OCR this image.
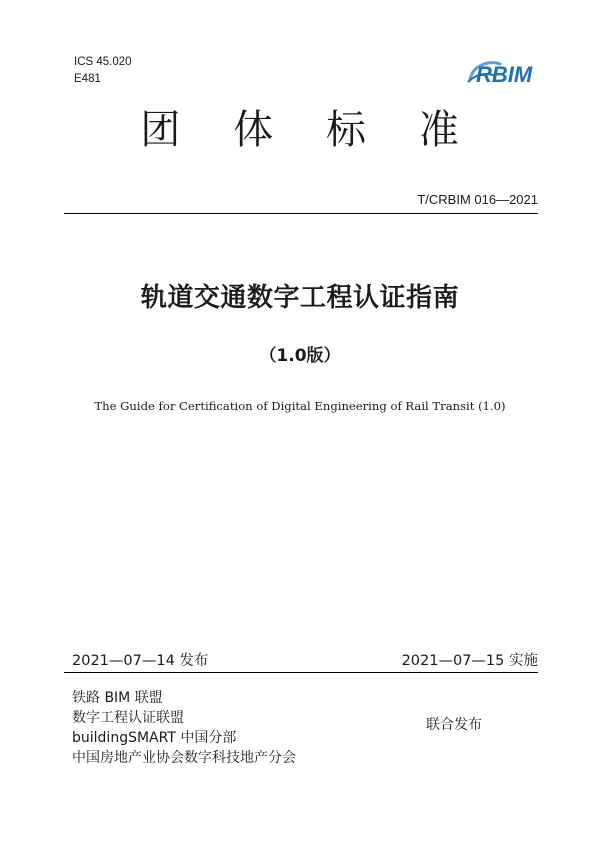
ICS 45.020
E481	RBIM
团 体 标 准
T/CRBIM 016—2021
轨道交通数字工程认证指南
（1.0版）
The Guide for Certification of Digital Engineering of Rail Transit (1.0)
2021—07—14 发布	2021—07—15 实施
铁路 BIM 联盟
数字工程认证联盟
buildingSMART 中国分部
中国房地产业协会数字科技地产分会
联合发布
